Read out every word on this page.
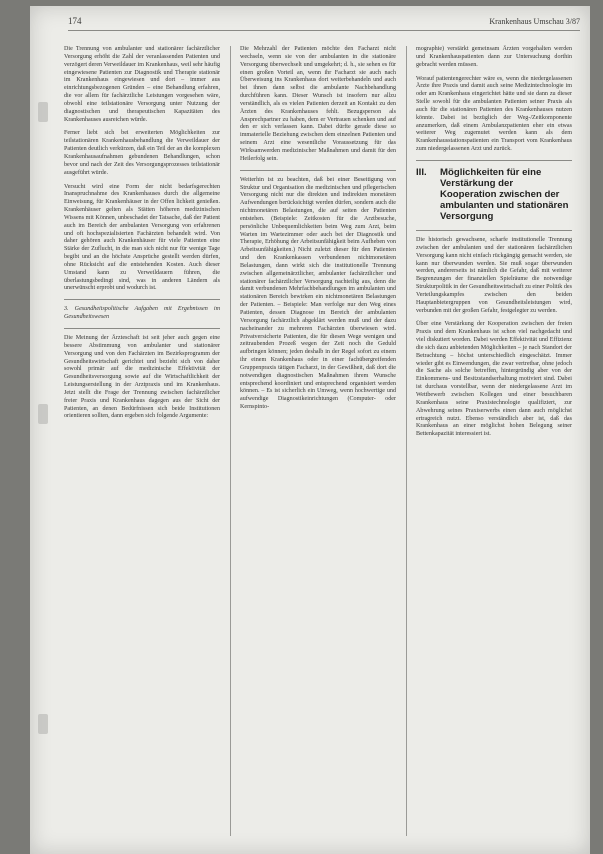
174	Krankenhaus Umschau 3/87

Die Trennung von ambulanter und stationärer fachärztlicher Versorgung erhöht die Zahl der veranlassenden Patienten und verzögert deren Verweildauer im Krankenhaus, weil sehr häufig eingewiesene Patienten zur Diagnostik und Therapie stationär im Krankenhaus eingewiesen und dort – immer aus einrichtungsbezogenen Gründen – eine Behandlung erfahren, die vor allem für fachärztliche Leistungen vorgesehen wäre, obwohl eine teilstationäre Versorgung unter Nutzung der diagnostischen und therapeutischen Kapazitäten des Krankenhauses ausreichen würde.

Ferner liebt sich bei erweiterten Möglichkeiten zur teilstationären Krankenhausbehandlung die Verweildauer der Patienten deutlich verkürzen, daß ein Teil der an die komplexen Krankenhausaufnahmen gebundenen Behandlungen, schon bevor und nach der Zeit des Versorgungsprozesses teilstationär ausgeführt würde.

Versucht wird eine Form der nicht bedarfsgerechten Inanspruchnahme des Krankenhauses durch die allgemeine Einweisung, für Krankenhäuser in der Offen lichkeit genießen. Krankenhäuser gelten als Stätten höheren medizinischen Wissens mit Können, unbeschadet der Tatsache, daß der Patient auch im Bereich der ambulanten Versorgung von erfahrenen und oft hochspezialisierten Fachärzten behandelt wird. Von daher gehören auch Krankenhäuser für viele Patienten eine Stärke der Zuflucht, in die man sich nicht nur für wenige Tage begibt und an die höchste Ansprüche gestellt werden dürfen, ohne Rücksicht auf die entstehenden Kosten. Auch dieser Umstand kann zu Verweildauern führen, die überlastungsbedingt sind, was in anderen Ländern als unerwünscht erprobt und wodurch ist.

3. Gesundheitspolitische Aufgaben mit Ergebnissen im Gesundheitswesen

Die Meinung der Ärzteschaft ist seit jeher auch gegen eine bessere Abstimmung von ambulanter und stationärer Versorgung und von den Fachärzten im Bezirksprogramm der Gesundheitswirtschaft gerichtet und bezieht sich von daher sowohl primär auf die medizinische Effektivität der Gesundheitsversorgung sowie auf die Wirtschaftlichkeit der Leistungserstellung in der Arztpraxis und im Krankenhaus. Jetzt stellt die Frage der Trennung zwischen fachärztlicher freier Praxis und Krankenhaus dagegen aus der Sicht der Patienten, an denen Bedürfnissen sich beide Institutionen orientieren sollten, dann ergeben sich folgende Argumente:

Die Mehrzahl der Patienten möchte den Facharzt nicht wechseln, wenn sie von der ambulanten in die stationäre Versorgung überwechselt und umgekehrt; d. h., sie sehen es für einen großen Vorteil an, wenn ihr Facharzt sie auch nach Überweisung ins Krankenhaus dort weiterbehandeln und auch bei ihnen dann selbst die ambulante Nachbehandlung durchführen kann. Dieser Wunsch ist insofern nur allzu verständlich, als es vielen Patienten derzeit an Kontakt zu den Ärzten des Krankenhauses fehlt. Bezugsperson als Ansprechpartner zu haben, dem er Vertrauen schenken und auf den er sich verlassen kann. Dabei dürfte gerade diese so immaterielle Beziehung zwischen dem einzelnen Patienten und seinem Arzt eine wesentliche Voraussetzung für das Wirksamwerden medizinischer Maßnahmen und damit für den Heilerfolg sein.

Weiterhin ist zu beachten, daß bei einer Beseitigung von Struktur und Organisation die medizinischen und pflegerischen Versorgung nicht nur die direkten und indirekten monetären Aufwendungen berücksichtigt werden dürfen, sondern auch die nichtmonetären Belastungen, die auf seiten der Patienten entstehen. (Beispiele: Zeitkosten für die Arztbesuche, persönliche Unbequemlichkeiten beim Weg zum Arzt, beim Warten im Wartezimmer oder auch bei der Diagnostik und Therapie, Erhöhung der Arbeitsunfähigkeit beim Aufheben von Arbeitsunfähigkeiten.) Nicht zuletzt dieser für den Patienten und den Krankenkassen verbundenen nichtmonetären Belastungen, dann wirkt sich die institutionelle Trennung zwischen allgemeinärztlicher, ambulanter fachärztlicher und stationärer fachärztlicher Versorgung nachteilig aus, denn die damit verbundenen Mehrfachbehandlungen im ambulanten und stationären Bereich bewirken ein nichtmonetären Belastungen der Patienten. – Beispiele: Man verfolge nur den Weg eines Patienten, dessen Diagnose im Bereich der ambulanten Versorgung fachärztlich abgeklärt werden muß und der dazu nacheinander zu mehreren Fachärzten überwiesen wird. Privatversicherte Patienten, die für diesen Wege wenigen und zeitraubenden Prozeß wegen der Zeit noch die Geduld aufbringen können; jeden deshalb in der Regel sofort zu einem ihr einem Krankenhaus oder in einer fachübergreifenden Gruppenpraxis tätigen Facharzt, in der Gewißheit, daß dort die notwendigen diagnostischen Maßnahmen ihrem Wunsche entsprechend koordiniert und entsprechend organisiert werden können. – Es ist sicherlich ein Umweg, wenn hochwertige und aufwendige Diagnostikeinrichtungen (Computer- oder Kernspinto-

mographie) verstärkt gemeinsam Ärzten vorgehalten werden und Krankenhauspatienten dann zur Untersuchung dorthin gebracht werden müssen.

Worauf patientengerechter wäre es, wenn die niedergelassenen Ärzte ihre Praxis und damit auch seine Medizintechnologie im oder am Krankenhaus eingerichtet hätte und sie dann zu dieser Stelle sowohl für die ambulanten Patienten seiner Praxis als auch für die stationären Patienten des Krankenhauses nutzen könnte. Dabei ist bezüglich der Weg-/Zeitkomponente anzumerken, daß einem Ambulanzpatienten eher ein etwas weiterer Weg zugemutet werden kann als dem Krankenhausstationspatienten ein Transport vom Krankenhaus zum niedergelassenen Arzt und zurück.

III.	Möglichkeiten für eine Verstärkung der Kooperation zwischen der ambulanten und stationären Versorgung

Die historisch gewachsene, scharfe institutionelle Trennung zwischen der ambulanten und der stationären fachärztlichen Versorgung kann nicht einfach rückgängig gemacht werden, sie kann nur überwunden werden. Sie muß sogar überwunden werden, andererseits ist nämlich die Gefahr, daß mit weiterer Begrenzungen der finanziellen Spielräume die notwendige Strukturpolitik in der Gesundheitswirtschaft zu einer Politik des Verteilungskampfes zwischen den beiden Hauptanbietergruppen von Gesundheitsleistungen wird, verbunden mit der großen Gefahr, festgelegter zu werden.

Über eine Verstärkung der Kooperation zwischen der freien Praxis und dem Krankenhaus ist schon viel nachgedacht und viel diskutiert worden. Dabei werden Effektivität und Effizienz die sich dazu anbietenden Möglichkeiten – je nach Standort der Betrachtung – höchst unterschiedlich eingeschätzt. Immer wieder gibt es Einwendungen, die zwar vertretbar, ohne jedoch die Sache als solche betreffen, hintergründig aber von der Einkommens- und Besitzstandserhaltung motiviert sind. Dabei ist durchaus vorstellbar, wenn der niedergelassene Arzt im Wettbewerb zwischen Kollegen und einer besuchbaren Krankenhaus seine Praxistechnologie qualifiziert, zur Abwehrung seines Praxiserwerbs einen dann auch möglichst ertragreich nutzt. Ebenso verständlich aber ist, daß das Krankenhaus an einer möglichst hohen Belegung seiner Bettenkapazität interessiert ist.
